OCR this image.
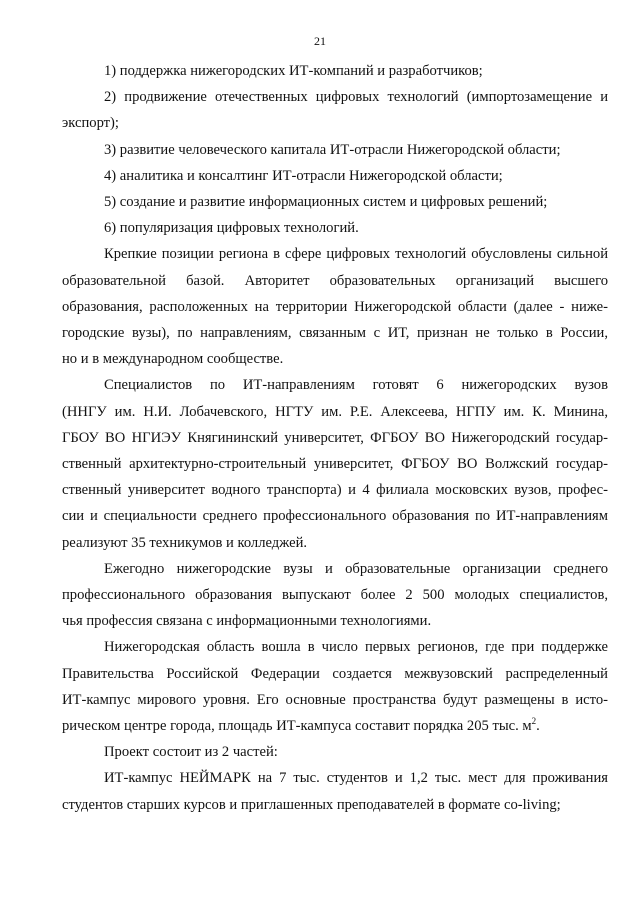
21
1) поддержка нижегородских ИТ-компаний и разработчиков;
2) продвижение отечественных цифровых технологий (импортозамещение и
экспорт);
3) развитие человеческого капитала ИТ-отрасли Нижегородской области;
4) аналитика и консалтинг ИТ-отрасли Нижегородской области;
5) создание и развитие информационных систем и цифровых решений;
6) популяризация цифровых технологий.
Крепкие позиции региона в сфере цифровых технологий обусловлены сильной
образовательной базой. Авторитет образовательных организаций высшего
образования, расположенных на территории Нижегородской области (далее - ниже-
городские вузы), по направлениям, связанным с ИТ, признан не только в России,
но и в международном сообществе.
Специалистов по ИТ-направлениям готовят 6 нижегородских вузов
(ННГУ им. Н.И. Лобачевского, НГТУ им. Р.Е. Алексеева, НГПУ им. К. Минина,
ГБОУ ВО НГИЭУ Княгининский университет, ФГБОУ ВО Нижегородский государ-
ственный архитектурно-строительный университет, ФГБОУ ВО Волжский государ-
ственный университет водного транспорта) и 4 филиала московских вузов, профес-
сии и специальности среднего профессионального образования по ИТ-направлениям
реализуют 35 техникумов и колледжей.
Ежегодно нижегородские вузы и образовательные организации среднего
профессионального образования выпускают более 2 500 молодых специалистов,
чья профессия связана с информационными технологиями.
Нижегородская область вошла в число первых регионов, где при поддержке
Правительства Российской Федерации создается межвузовский распределенный
ИТ-кампус мирового уровня. Его основные пространства будут размещены в исто-
рическом центре города, площадь ИТ-кампуса составит порядка 205 тыс. $м^2$.
Проект состоит из 2 частей:
ИТ-кампус НЕЙМАРК на 7 тыс. студентов и 1,2 тыс. мест для проживания
студентов старших курсов и приглашенных преподавателей в формате co-living;
